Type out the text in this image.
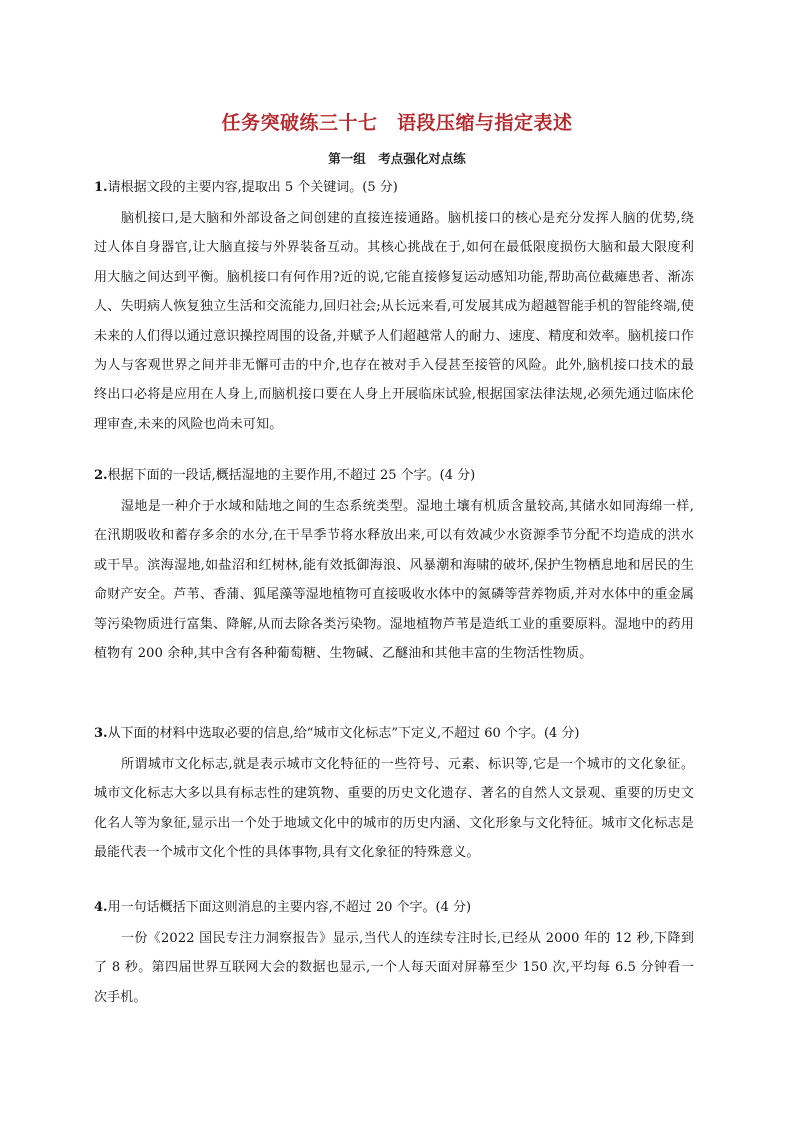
任务突破练三十七　语段压缩与指定表述
第一组　考点强化对点练

1.请根据文段的主要内容,提取出 5 个关键词。(5 分)

脑机接口,是大脑和外部设备之间创建的直接连接通路。脑机接口的核心是充分发挥人脑的优势,绕过人体自身器官,让大脑直接与外界装备互动。其核心挑战在于,如何在最低限度损伤大脑和最大限度利用大脑之间达到平衡。脑机接口有何作用?近的说,它能直接修复运动感知功能,帮助高位截瘫患者、渐冻人、失明病人恢复独立生活和交流能力,回归社会;从长远来看,可发展其成为超越智能手机的智能终端,使未来的人们得以通过意识操控周围的设备,并赋予人们超越常人的耐力、速度、精度和效率。脑机接口作为人与客观世界之间并非无懈可击的中介,也存在被对手入侵甚至接管的风险。此外,脑机接口技术的最终出口必将是应用在人身上,而脑机接口要在人身上开展临床试验,根据国家法律法规,必须先通过临床伦理审查,未来的风险也尚未可知。

2.根据下面的一段话,概括湿地的主要作用,不超过 25 个字。(4 分)

湿地是一种介于水域和陆地之间的生态系统类型。湿地土壤有机质含量较高,其储水如同海绵一样,在汛期吸收和蓄存多余的水分,在干旱季节将水释放出来,可以有效减少水资源季节分配不均造成的洪水或干旱。滨海湿地,如盐沼和红树林,能有效抵御海浪、风暴潮和海啸的破坏,保护生物栖息地和居民的生命财产安全。芦苇、香蒲、狐尾藻等湿地植物可直接吸收水体中的氮磷等营养物质,并对水体中的重金属等污染物质进行富集、降解,从而去除各类污染物。湿地植物芦苇是造纸工业的重要原料。湿地中的药用植物有 200 余种,其中含有各种葡萄糖、生物碱、乙醚油和其他丰富的生物活性物质。

3.从下面的材料中选取必要的信息,给“城市文化标志”下定义,不超过 60 个字。(4 分)

所谓城市文化标志,就是表示城市文化特征的一些符号、元素、标识等,它是一个城市的文化象征。城市文化标志大多以具有标志性的建筑物、重要的历史文化遗存、著名的自然人文景观、重要的历史文化名人等为象征,显示出一个处于地域文化中的城市的历史内涵、文化形象与文化特征。城市文化标志是最能代表一个城市文化个性的具体事物,具有文化象征的特殊意义。

4.用一句话概括下面这则消息的主要内容,不超过 20 个字。(4 分)

一份《2022 国民专注力洞察报告》显示,当代人的连续专注时长,已经从 2000 年的 12 秒,下降到了 8 秒。第四届世界互联网大会的数据也显示,一个人每天面对屏幕至少 150 次,平均每 6.5 分钟看一次手机。
